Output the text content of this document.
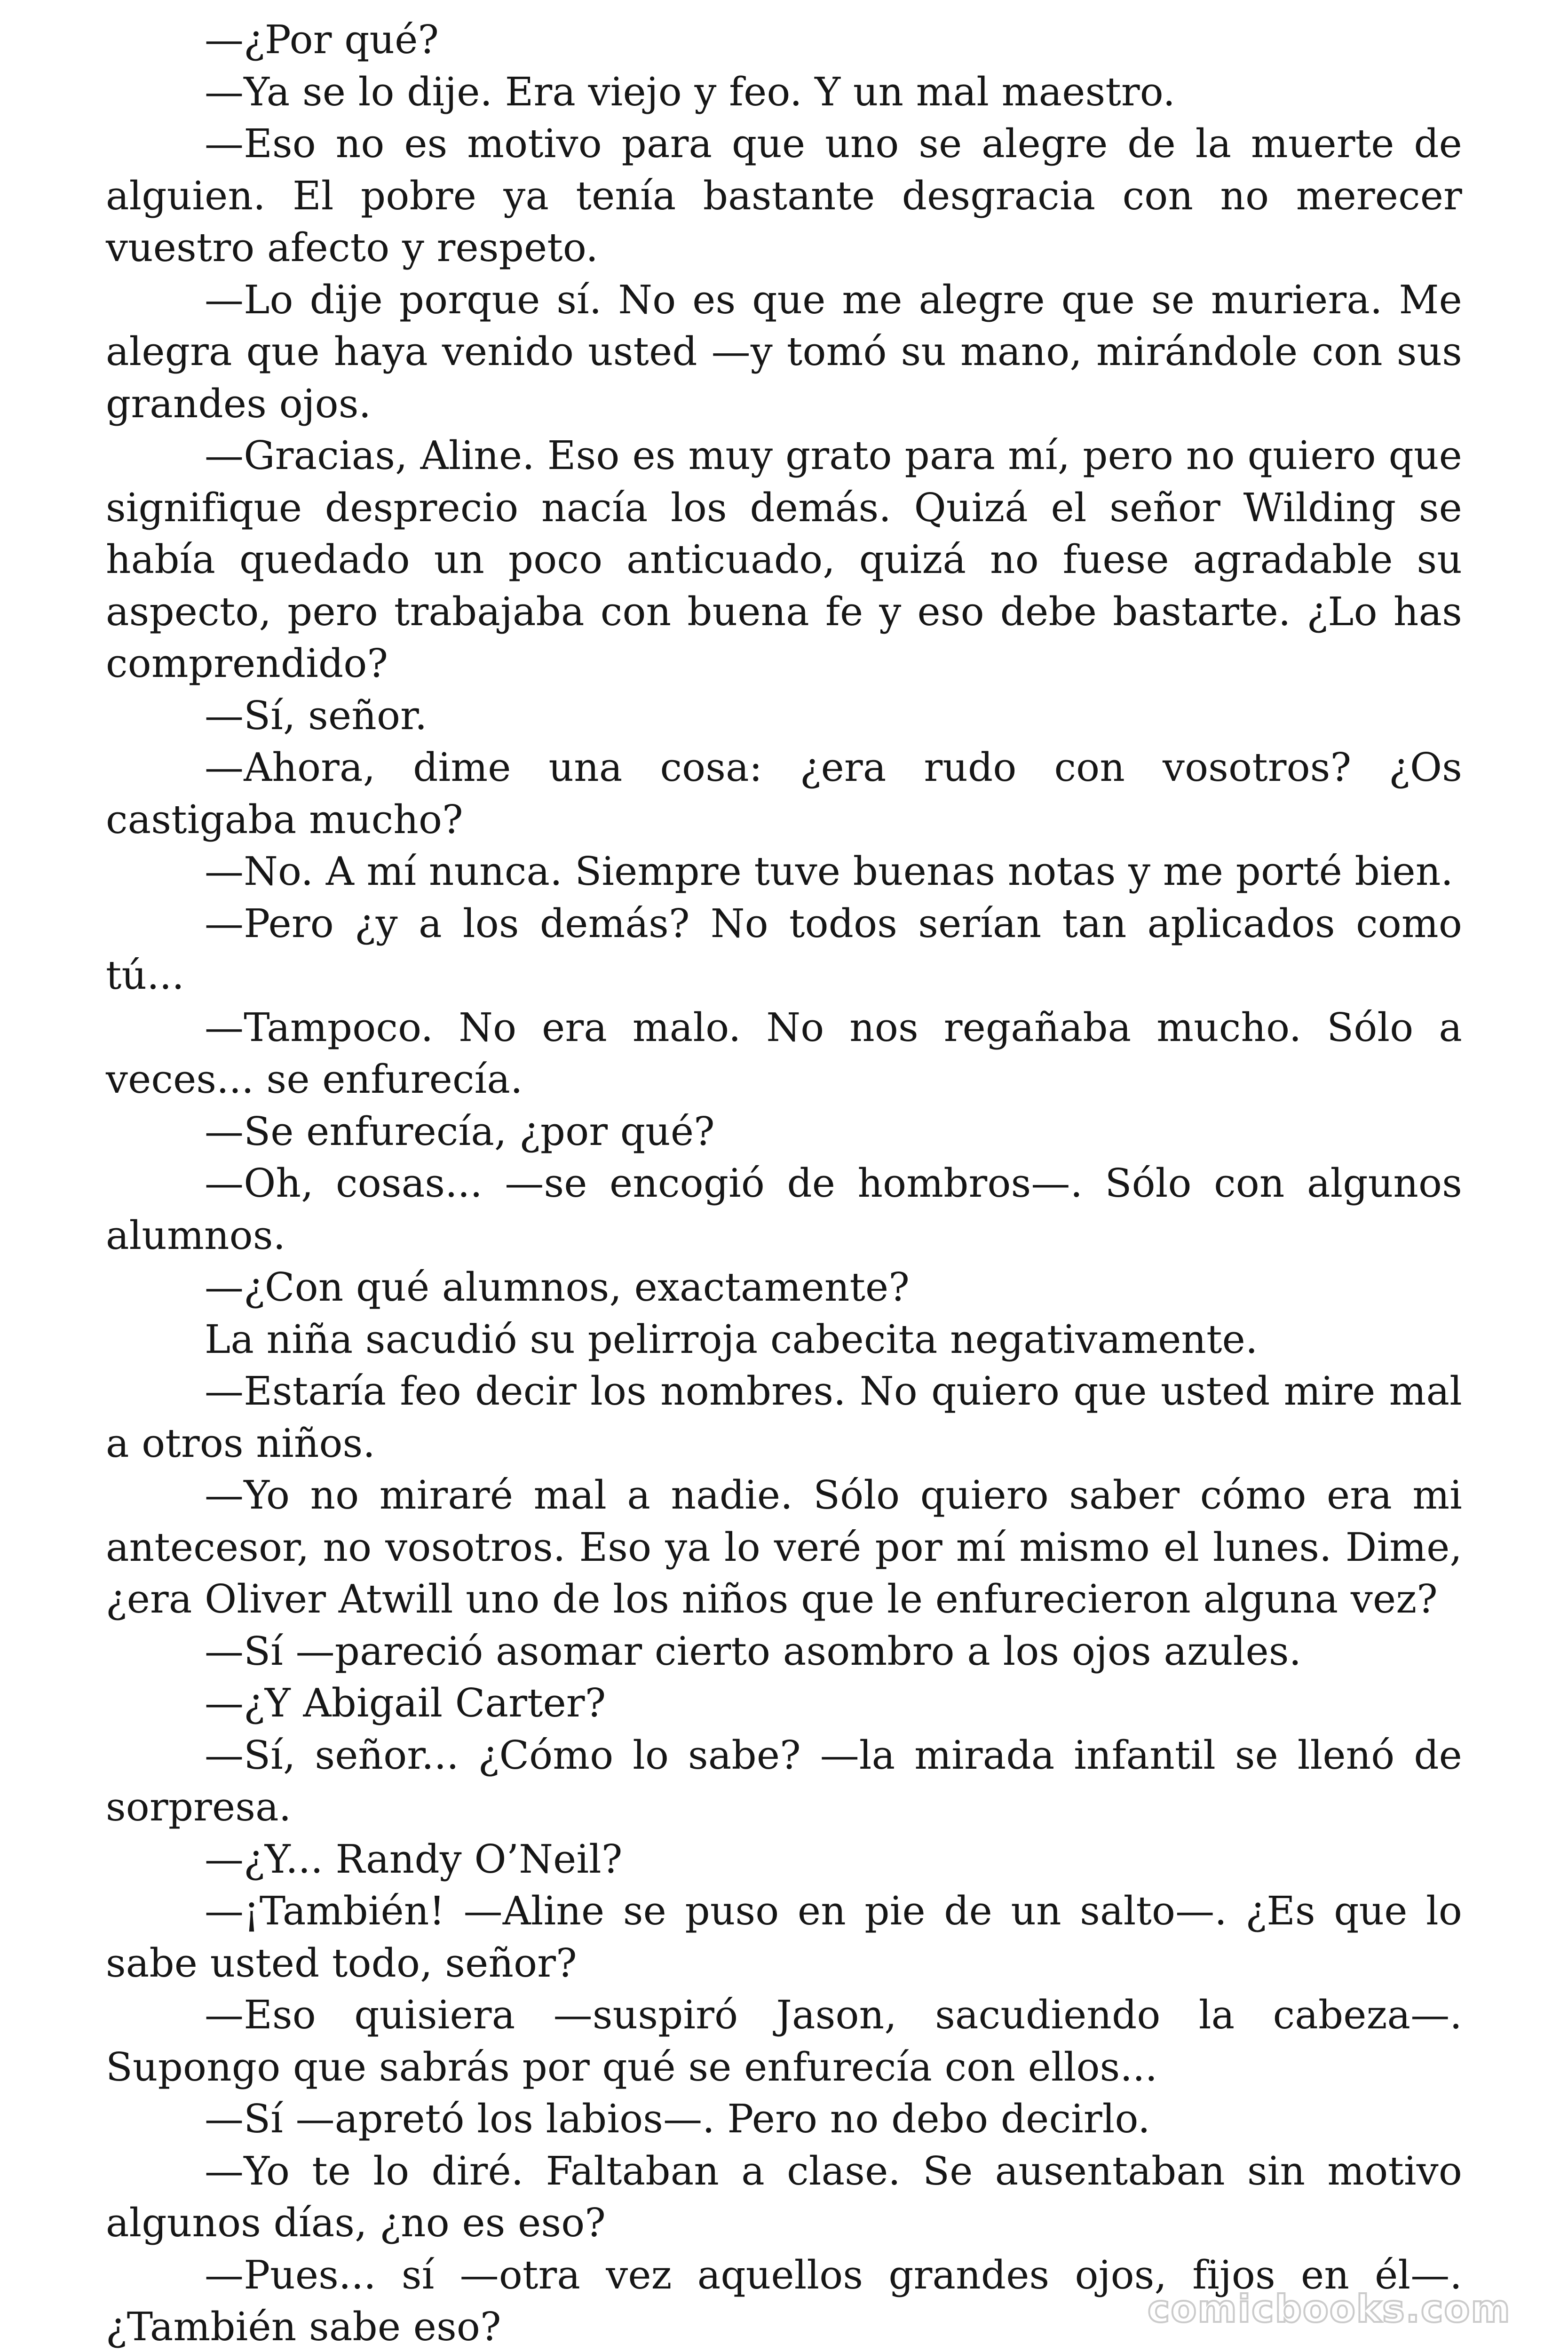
—¿Por qué?

—Ya se lo dije. Era viejo y feo. Y un mal maestro.

—Eso no es motivo para que uno se alegre de la muerte de alguien. El pobre ya tenía bastante desgracia con no merecer vuestro afecto y respeto.

—Lo dije porque sí. No es que me alegre que se muriera. Me alegra que haya venido usted —y tomó su mano, mirándole con sus grandes ojos.

—Gracias, Aline. Eso es muy grato para mí, pero no quiero que signifique desprecio nacía los demás. Quizá el señor Wilding se había quedado un poco anticuado, quizá no fuese agradable su aspecto, pero trabajaba con buena fe y eso debe bastarte. ¿Lo has comprendido?

—Sí, señor.

—Ahora, dime una cosa: ¿era rudo con vosotros? ¿Os castigaba mucho?

—No. A mí nunca. Siempre tuve buenas notas y me porté bien.

—Pero ¿y a los demás? No todos serían tan aplicados como tú...

—Tampoco. No era malo. No nos regañaba mucho. Sólo a veces... se enfurecía.

—Se enfurecía, ¿por qué?

—Oh, cosas... —se encogió de hombros—. Sólo con algunos alumnos.

—¿Con qué alumnos, exactamente?

La niña sacudió su pelirroja cabecita negativamente.

—Estaría feo decir los nombres. No quiero que usted mire mal a otros niños.

—Yo no miraré mal a nadie. Sólo quiero saber cómo era mi antecesor, no vosotros. Eso ya lo veré por mí mismo el lunes. Dime, ¿era Oliver Atwill uno de los niños que le enfurecieron alguna vez?

—Sí —pareció asomar cierto asombro a los ojos azules.

—¿Y Abigail Carter?

—Sí, señor... ¿Cómo lo sabe? —la mirada infantil se llenó de sorpresa.

—¿Y... Randy O’Neil?

—¡También! —Aline se puso en pie de un salto—. ¿Es que lo sabe usted todo, señor?

—Eso quisiera —suspiró Jason, sacudiendo la cabeza—. Supongo que sabrás por qué se enfurecía con ellos...

—Sí —apretó los labios—. Pero no debo decirlo.

—Yo te lo diré. Faltaban a clase. Se ausentaban sin motivo algunos días, ¿no es eso?

—Pues... sí —otra vez aquellos grandes ojos, fijos en él—. ¿También sabe eso?	comicbooks.com
